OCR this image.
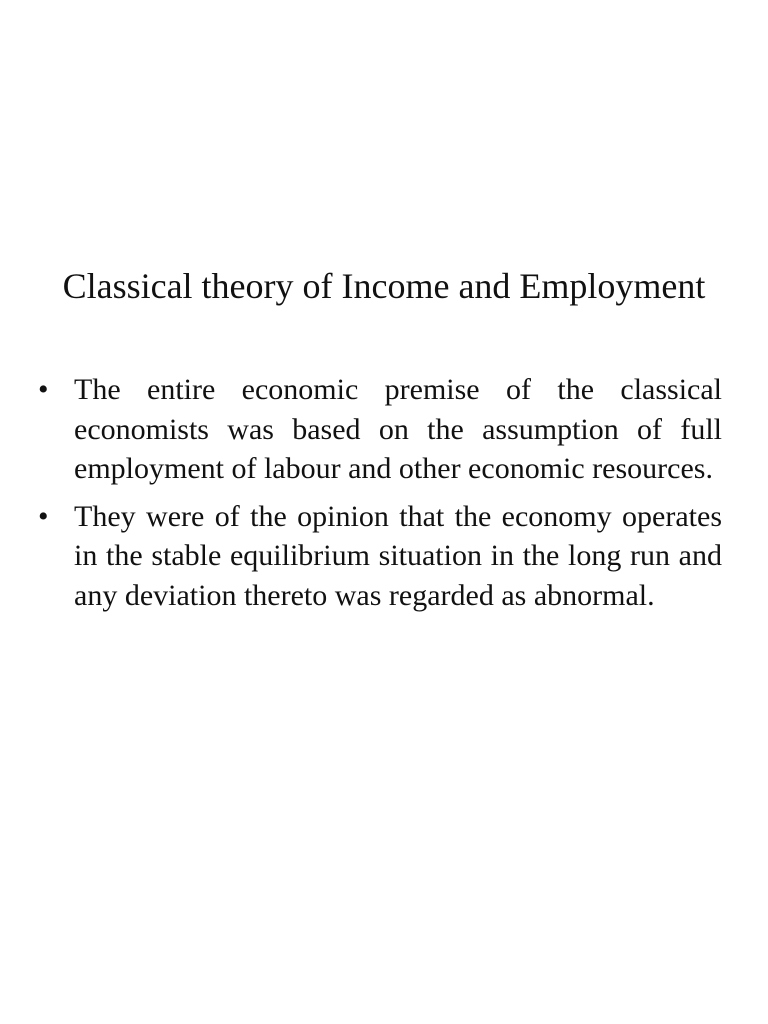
Classical theory of Income and Employment
• The entire economic premise of the classical economists was based on the assumption of full employment of labour and other economic resources.
• They were of the opinion that the economy operates in the stable equilibrium situation in the long run and any deviation thereto was regarded as abnormal.
